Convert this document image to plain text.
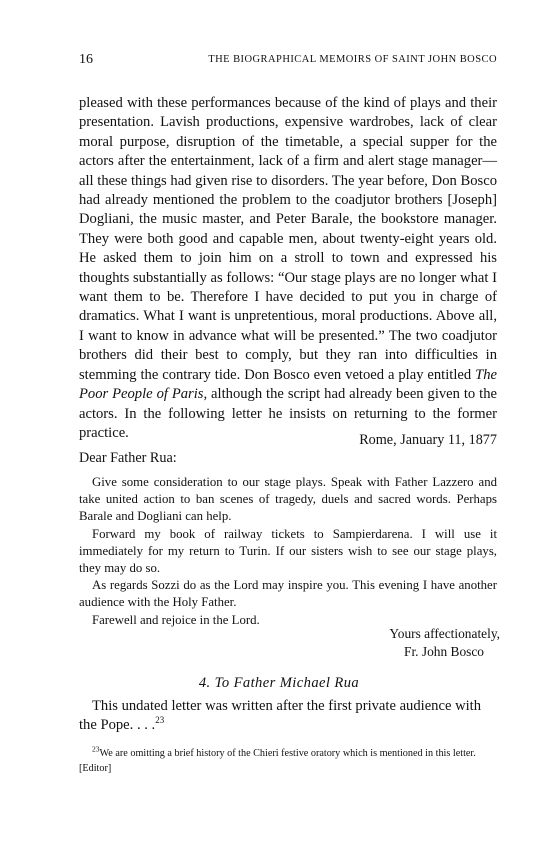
16	THE BIOGRAPHICAL MEMOIRS OF SAINT JOHN BOSCO

pleased with these performances because of the kind of plays and their presentation. Lavish productions, expensive wardrobes, lack of clear moral purpose, disruption of the timetable, a special supper for the actors after the entertainment, lack of a firm and alert stage manager—all these things had given rise to disorders. The year before, Don Bosco had already mentioned the problem to the coadjutor brothers [Joseph] Dogliani, the music master, and Peter Barale, the bookstore manager. They were both good and capable men, about twenty-eight years old. He asked them to join him on a stroll to town and expressed his thoughts substantially as follows: “Our stage plays are no longer what I want them to be. Therefore I have decided to put you in charge of dramatics. What I want is unpretentious, moral productions. Above all, I want to know in advance what will be presented.” The two coadjutor brothers did their best to comply, but they ran into difficulties in stemming the contrary tide. Don Bosco even vetoed a play entitled The Poor People of Paris, although the script had already been given to the actors. In the following letter he insists on returning to the former practice.	Rome, January 11, 1877
Dear Father Rua:

Give some consideration to our stage plays. Speak with Father Lazzero and take united action to ban scenes of tragedy, duels and sacred words. Perhaps Barale and Dogliani can help.

Forward my book of railway tickets to Sampierdarena. I will use it immediately for my return to Turin. If our sisters wish to see our stage plays, they may do so.

As regards Sozzi do as the Lord may inspire you. This evening I have another audience with the Holy Father.

Farewell and rejoice in the Lord.

Yours affectionately,
Fr. John Bosco
4. To Father Michael Rua

This undated letter was written after the first private audience with the Pope. . . .$^{23}$

$^{23}$We are omitting a brief history of the Chieri festive oratory which is mentioned in this letter. [Editor]
